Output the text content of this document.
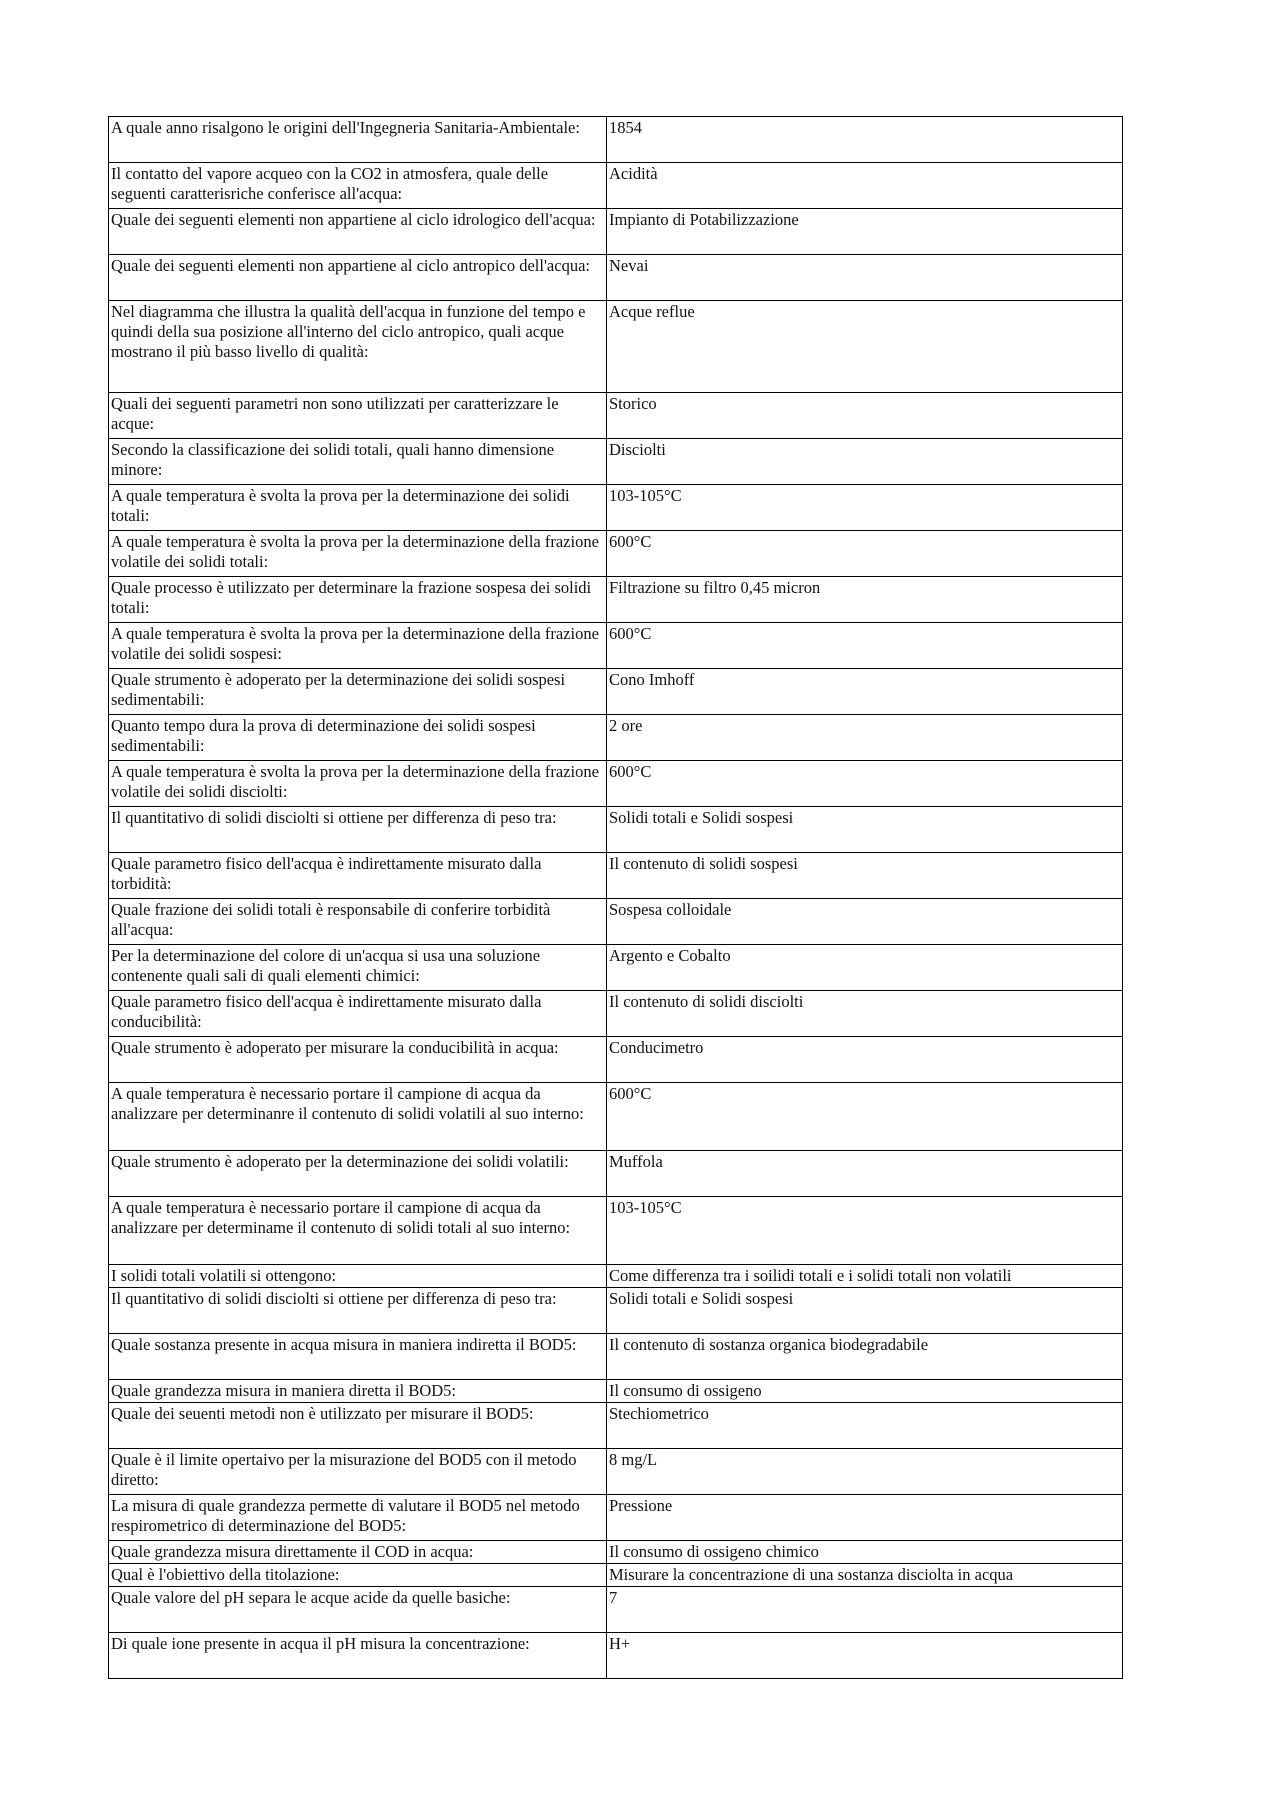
A quale anno risalgono le origini dell'Ingegneria Sanitaria-Ambientale:	1854
Il contatto del vapore acqueo con la CO2 in atmosfera, quale delle seguenti caratterisriche conferisce all'acqua:	Acidità
Quale dei seguenti elementi non appartiene al ciclo idrologico dell'acqua:	Impianto di Potabilizzazione
Quale dei seguenti elementi non appartiene al ciclo antropico dell'acqua:	Nevai
Nel diagramma che illustra la qualità dell'acqua in funzione del tempo e quindi della sua posizione all'interno del ciclo antropico, quali acque mostrano il più basso livello di qualità:	Acque reflue
Quali dei seguenti parametri non sono utilizzati per caratterizzare le acque:	Storico
Secondo la classificazione dei solidi totali, quali hanno dimensione minore:	Disciolti
A quale temperatura è svolta la prova per la determinazione dei solidi totali:	103-105°C
A quale temperatura è svolta la prova per la determinazione della frazione volatile dei solidi totali:	600°C
Quale processo è utilizzato per determinare la frazione sospesa dei solidi totali:	Filtrazione su filtro 0,45 micron
A quale temperatura è svolta la prova per la determinazione della frazione volatile dei solidi sospesi:	600°C
Quale strumento è adoperato per la determinazione dei solidi sospesi sedimentabili:	Cono Imhoff
Quanto tempo dura la prova di determinazione dei solidi sospesi sedimentabili:	2 ore
A quale temperatura è svolta la prova per la determinazione della frazione volatile dei solidi disciolti:	600°C
Il quantitativo di solidi disciolti si ottiene per differenza di peso tra:	Solidi totali e Solidi sospesi
Quale parametro fisico dell'acqua è indirettamente misurato dalla torbidità:	Il contenuto di solidi sospesi
Quale frazione dei solidi totali è responsabile di conferire torbidità all'acqua:	Sospesa colloidale
Per la determinazione del colore di un'acqua si usa una soluzione contenente quali sali di quali elementi chimici:	Argento e Cobalto
Quale parametro fisico dell'acqua è indirettamente misurato dalla conducibilità:	Il contenuto di solidi disciolti
Quale strumento è adoperato per misurare la conducibilità in acqua:	Conducimetro
A quale temperatura è necessario portare il campione di acqua da analizzare per determinanre il contenuto di solidi volatili al suo interno:	600°C
Quale strumento è adoperato per la determinazione dei solidi volatili:	Muffola
A quale temperatura è necessario portare il campione di acqua da analizzare per determiname il contenuto di solidi totali al suo interno:	103-105°C
I solidi totali volatili si ottengono:	Come differenza tra i soilidi totali e i solidi totali non volatili
Il quantitativo di solidi disciolti si ottiene per differenza di peso tra:	Solidi totali e Solidi sospesi
Quale sostanza presente in acqua misura in maniera indiretta il BOD5:	Il contenuto di sostanza organica biodegradabile
Quale grandezza misura in maniera diretta il BOD5:	Il consumo di ossigeno
Quale dei seuenti metodi non è utilizzato per misurare il BOD5:	Stechiometrico
Quale è il limite opertaivo per la misurazione del BOD5 con il metodo diretto:	8 mg/L
La misura di quale grandezza permette di valutare il BOD5 nel metodo respirometrico di determinazione del BOD5:	Pressione
Quale grandezza misura direttamente il COD in acqua:	Il consumo di ossigeno chimico
Qual è l'obiettivo della titolazione:	Misurare la concentrazione di una sostanza disciolta in acqua
Quale valore del pH separa le acque acide da quelle basiche:	7
Di quale ione presente in acqua il pH misura la concentrazione:	H+
